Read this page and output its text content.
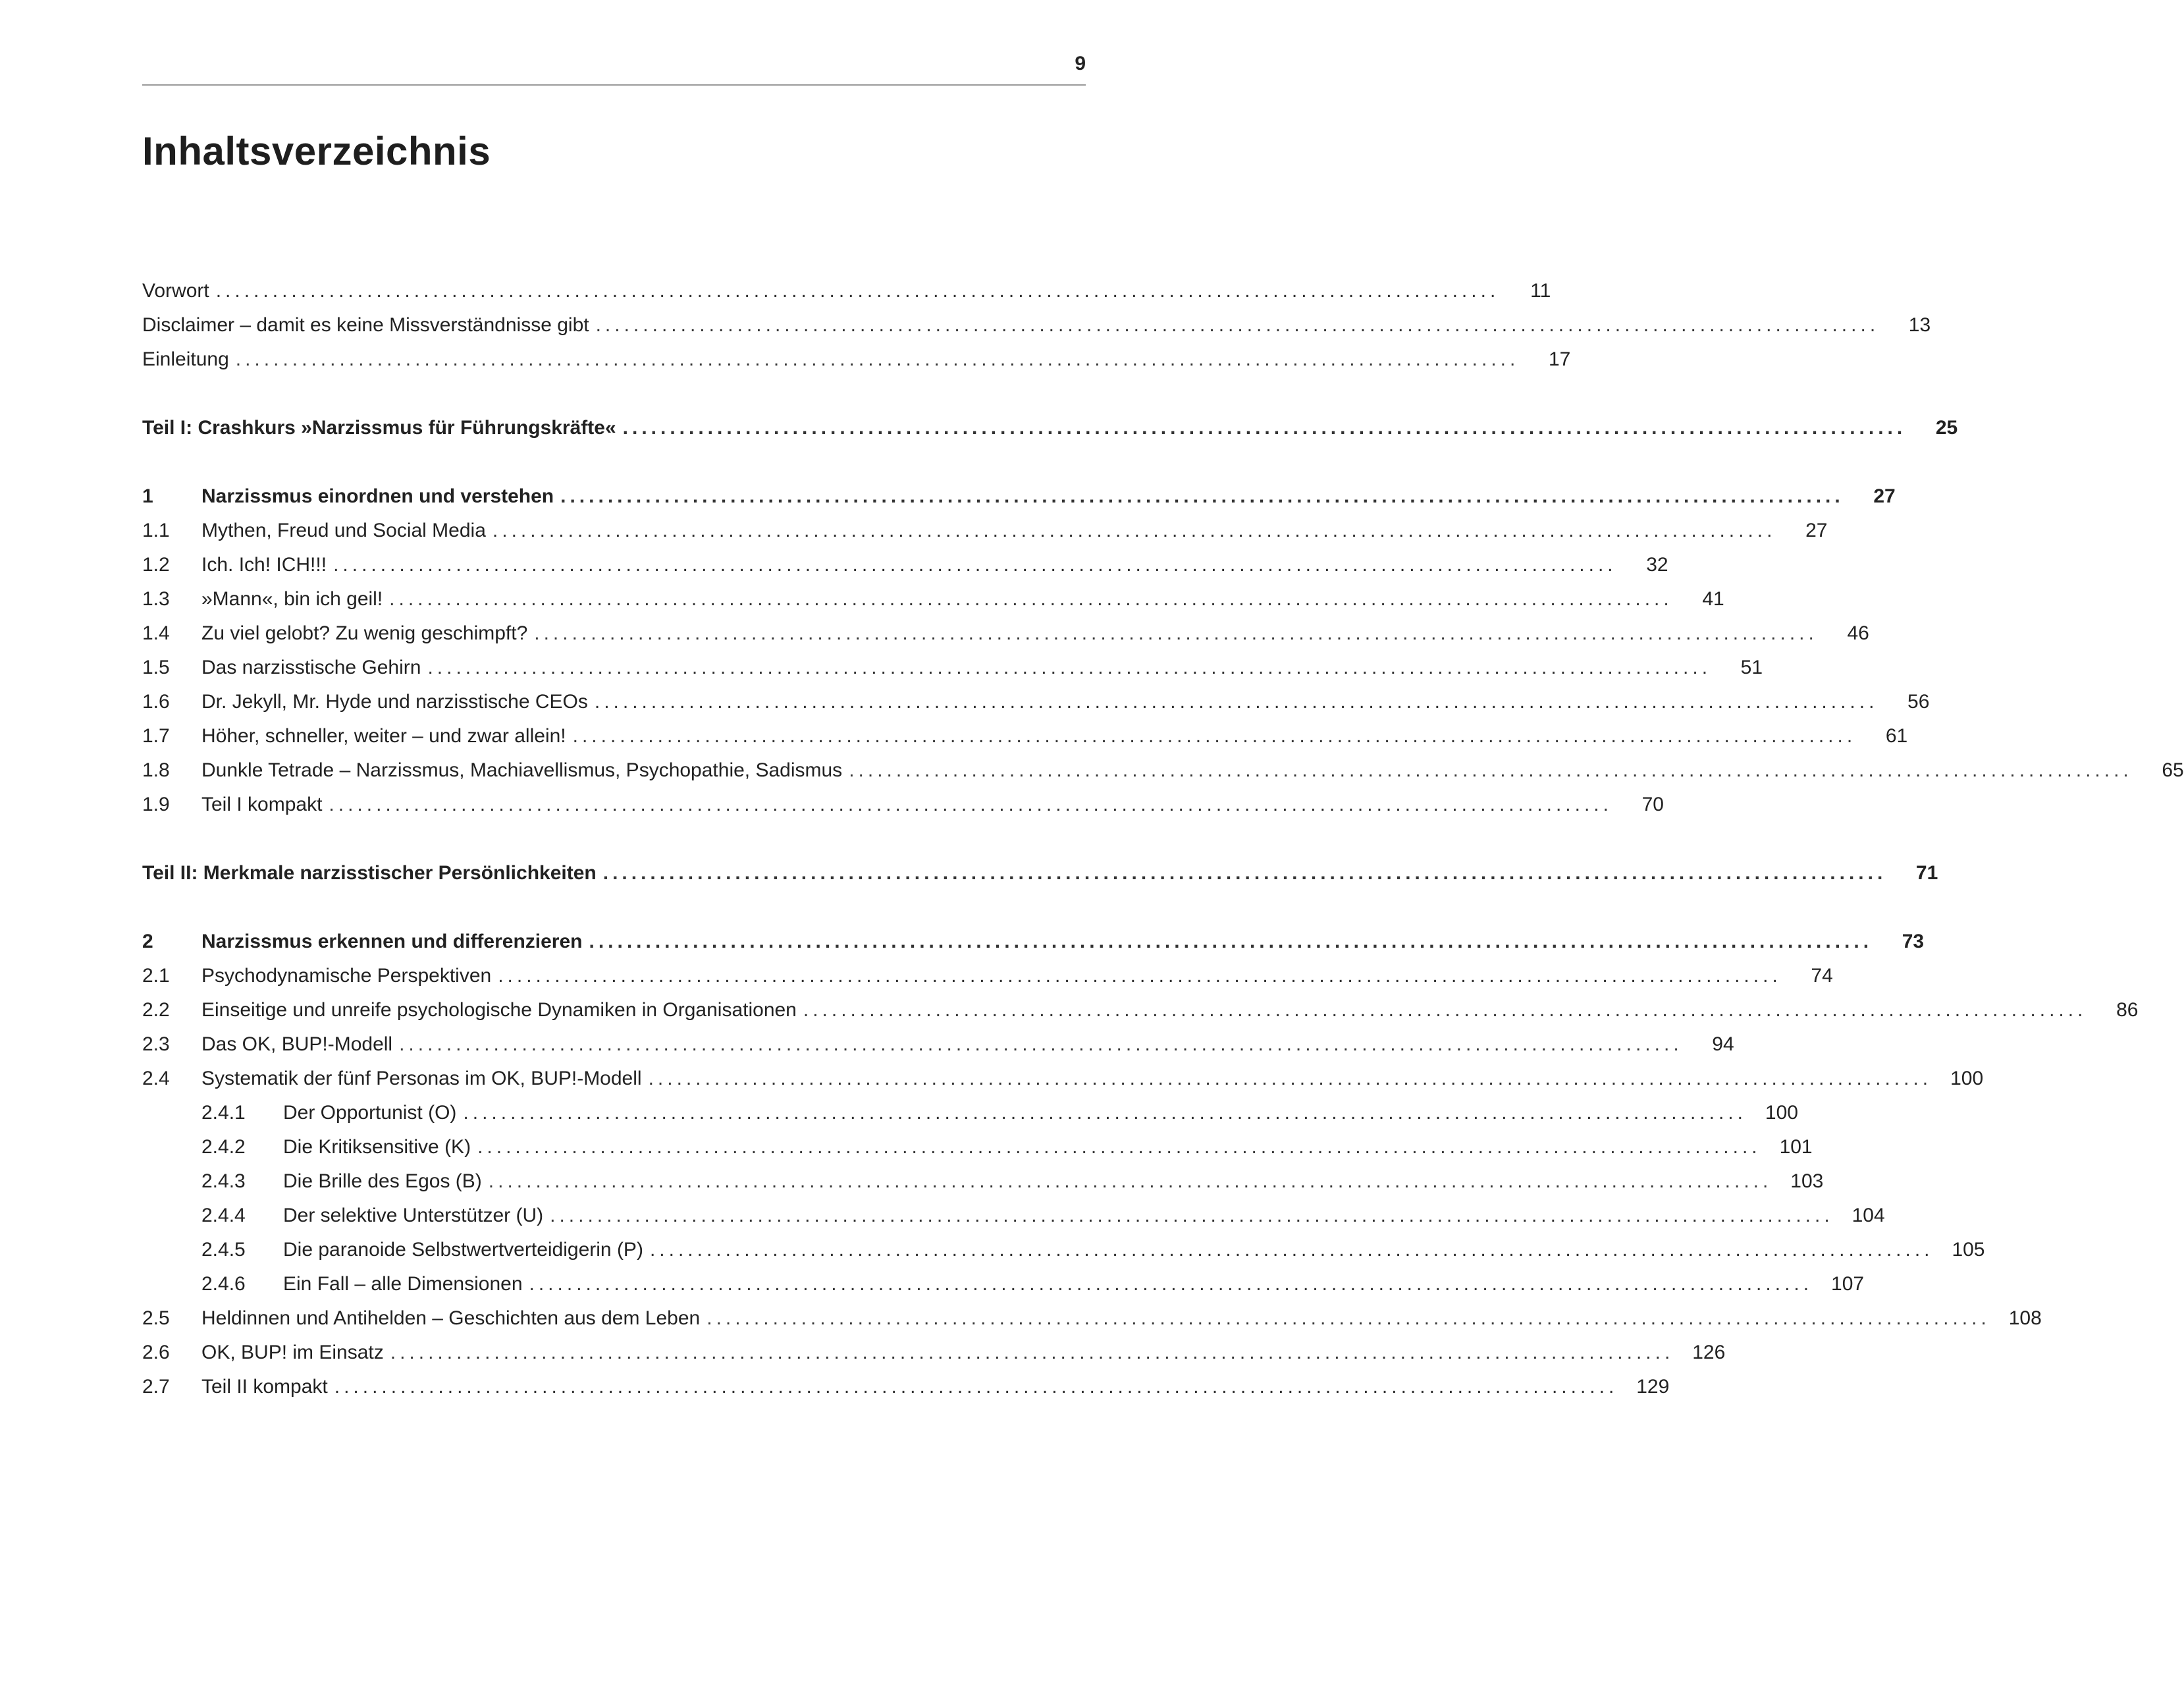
9
Inhaltsverzeichnis
Vorwort ........................................................................................................................................	11
Disclaimer – damit es keine Missverständnisse gibt ........................................................................................................................................	13
Einleitung ........................................................................................................................................	17
Teil I: Crashkurs »Narzissmus für Führungskräfte« ........................................................................................................................................	25
1	Narzissmus einordnen und verstehen ........................................................................................................................................	27
1.1	Mythen, Freud und Social Media ........................................................................................................................................	27
1.2	Ich. Ich! ICH!!! ........................................................................................................................................	32
1.3	»Mann«, bin ich geil! ........................................................................................................................................	41
1.4	Zu viel gelobt? Zu wenig geschimpft? ........................................................................................................................................	46
1.5	Das narzisstische Gehirn ........................................................................................................................................	51
1.6	Dr. Jekyll, Mr. Hyde und narzisstische CEOs ........................................................................................................................................	56
1.7	Höher, schneller, weiter – und zwar allein! ........................................................................................................................................	61
1.8	Dunkle Tetrade – Narzissmus, Machiavellismus, Psychopathie, Sadismus ........................................................................................................................................	65
1.9	Teil I kompakt ........................................................................................................................................	70
Teil II: Merkmale narzisstischer Persönlichkeiten ........................................................................................................................................	71
2	Narzissmus erkennen und differenzieren ........................................................................................................................................	73
2.1	Psychodynamische Perspektiven ........................................................................................................................................	74
2.2	Einseitige und unreife psychologische Dynamiken in Organisationen ........................................................................................................................................	86
2.3	Das OK, BUP!-Modell ........................................................................................................................................	94
2.4	Systematik der fünf Personas im OK, BUP!-Modell ........................................................................................................................................ 100
2.4.1	Der Opportunist (O) ........................................................................................................................................ 100
2.4.2	Die Kritiksensitive (K) ........................................................................................................................................ 101
2.4.3	Die Brille des Egos (B) ........................................................................................................................................ 103
2.4.4	Der selektive Unterstützer (U) ........................................................................................................................................ 104
2.4.5	Die paranoide Selbstwertverteidigerin (P) ........................................................................................................................................ 105
2.4.6	Ein Fall – alle Dimensionen ........................................................................................................................................ 107
2.5	Heldinnen und Antihelden – Geschichten aus dem Leben ........................................................................................................................................ 108
2.6	OK, BUP! im Einsatz ........................................................................................................................................ 126
2.7	Teil II kompakt ........................................................................................................................................ 129
